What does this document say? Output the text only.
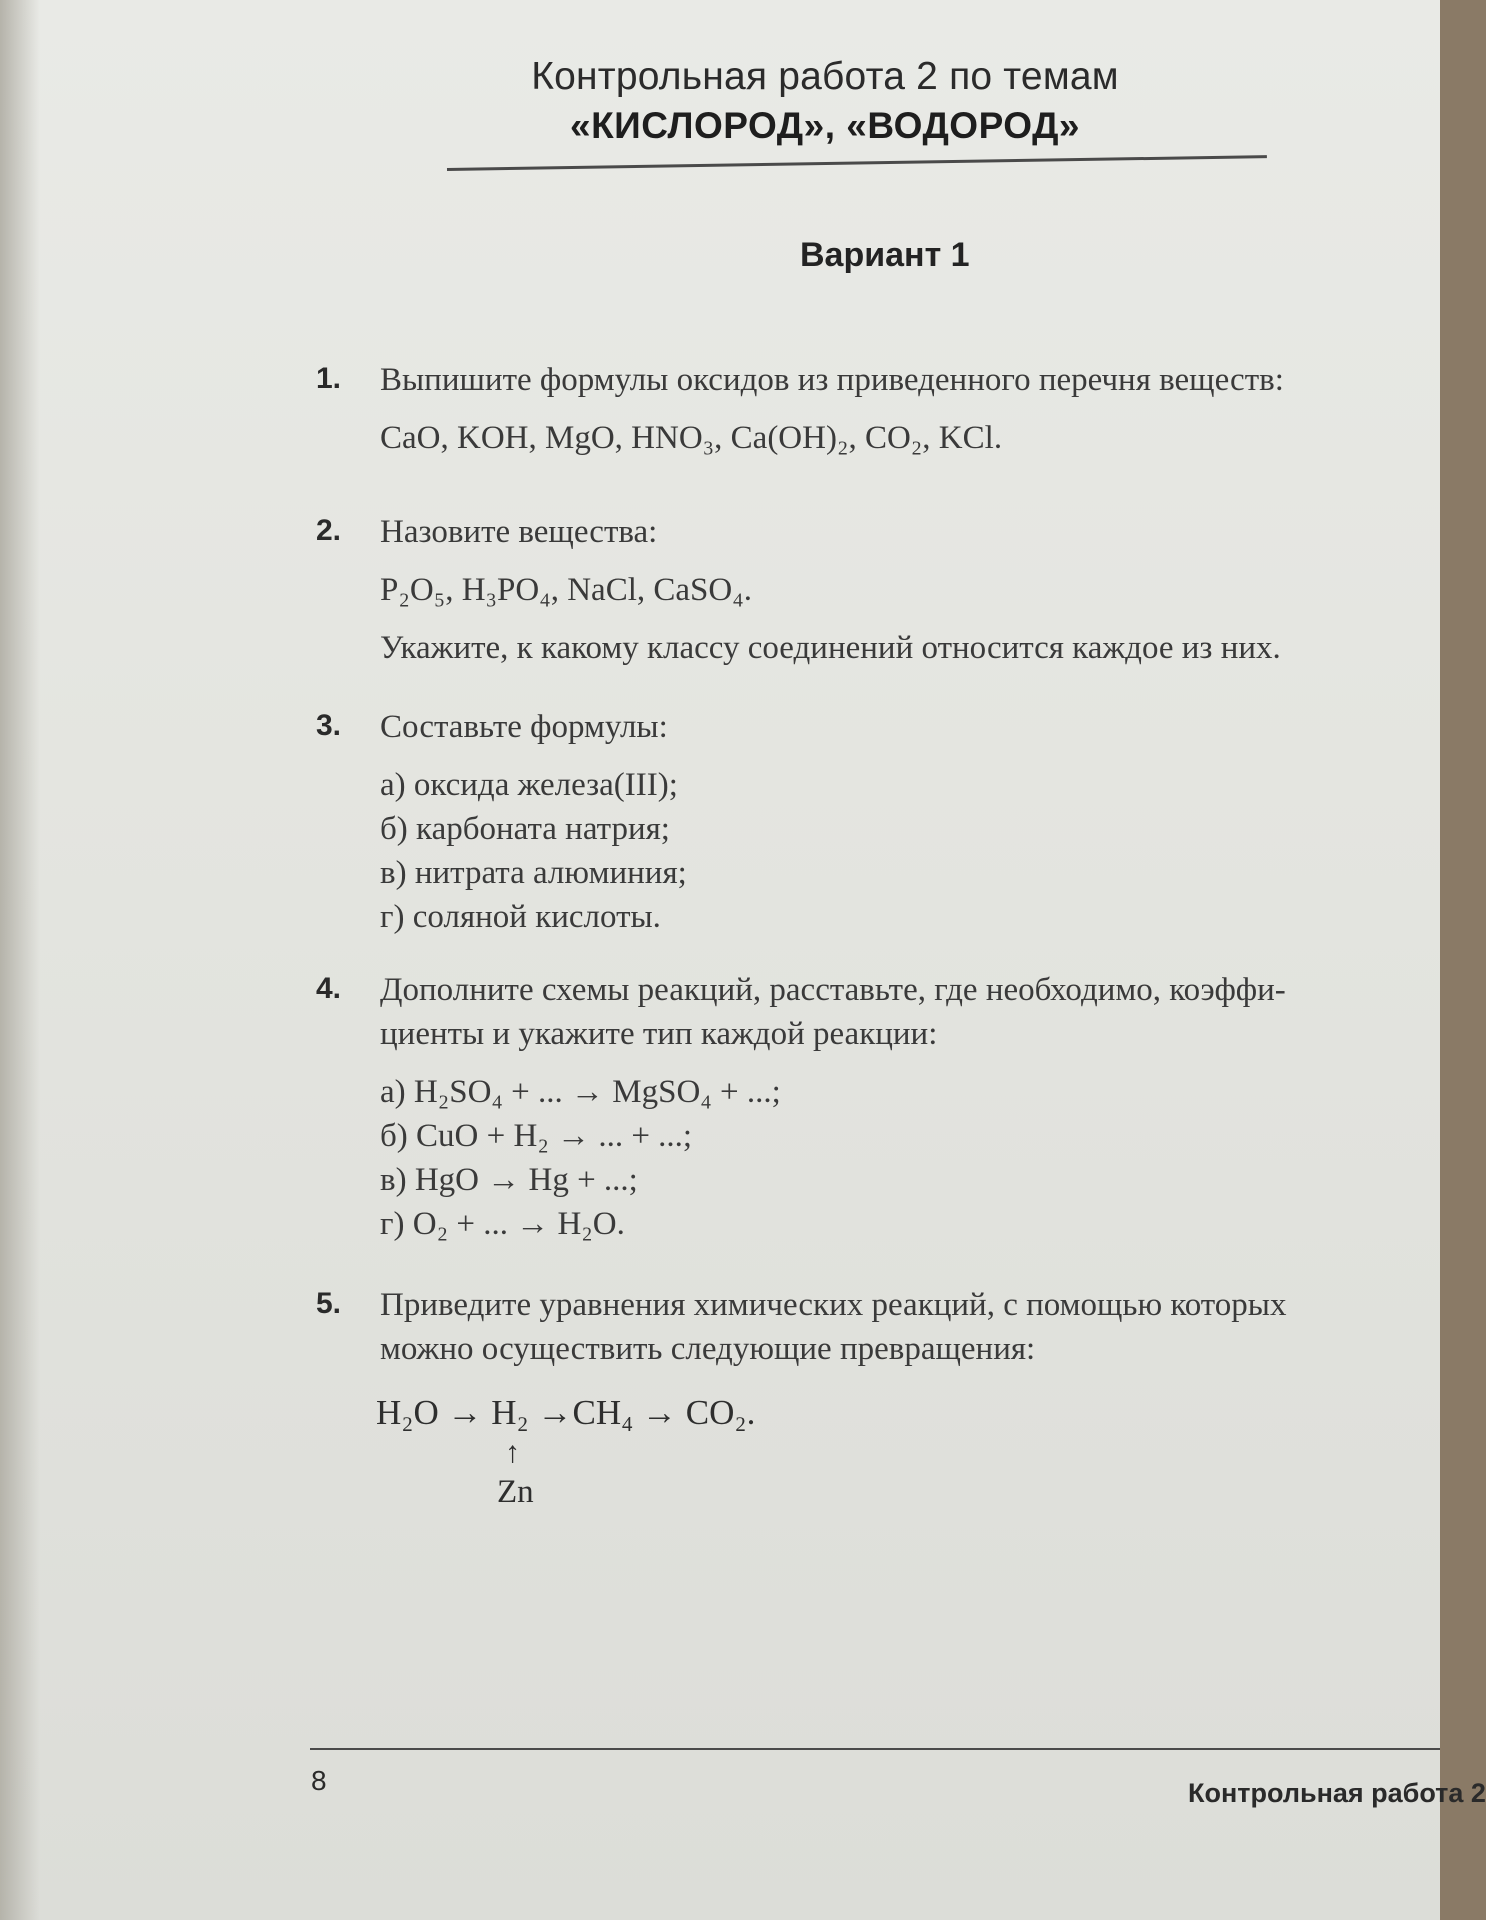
Контрольная работа 2 по темам
«КИСЛОРОД», «ВОДОРОД»
Вариант 1
1. Выпишите формулы оксидов из приведенного перечня веществ:
CaO, KOH, MgO, HNO₃, Ca(OH)₂, CO₂, KCl.
2. Назовите вещества:
P₂O₅, H₃PO₄, NaCl, CaSO₄.
Укажите, к какому классу соединений относится каждое из них.
3. Составьте формулы:
а) оксида железа(III);
б) карбоната натрия;
в) нитрата алюминия;
г) соляной кислоты.
4. Дополните схемы реакций, расставьте, где необходимо, коэффи-
циенты и укажите тип каждой реакции:
а) H₂SO₄ + ... → MgSO₄ + ...;
б) CuO + H₂ → ... + ...;
в) HgO → Hg + ...;
г) O₂ + ... → H₂O.
5. Приведите уравнения химических реакций, с помощью которых
можно осуществить следующие превращения:
H₂O → H₂ →CH₄ → CO₂.
↑
Zn
8	Контрольная работа 2
